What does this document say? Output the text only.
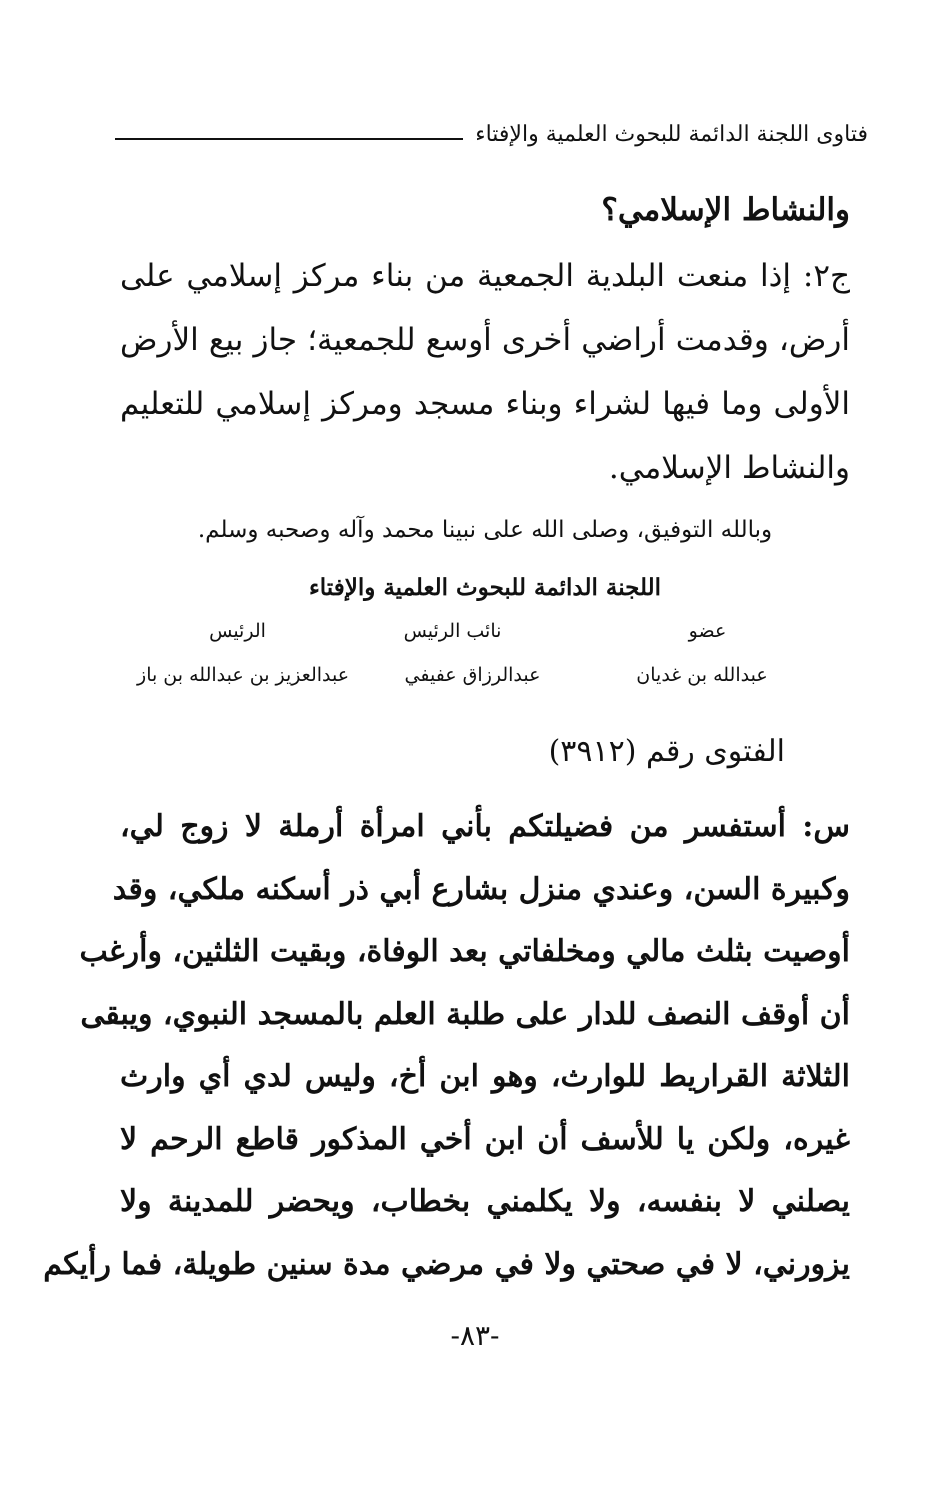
فتاوى اللجنة الدائمة للبحوث العلمية والإفتاء
والنشاط الإسلامي؟
ج٢: إذا منعت البلدية الجمعية من بناء مركز إسلامي على
أرض، وقدمت أراضي أخرى أوسع للجمعية؛ جاز بيع الأرض
الأولى وما فيها لشراء وبناء مسجد ومركز إسلامي للتعليم
والنشاط الإسلامي.
وبالله التوفيق، وصلى الله على نبينا محمد وآله وصحبه وسلم.
اللجنة الدائمة للبحوث العلمية والإفتاء
عضو
نائب الرئيس
الرئيس
عبدالله بن غديان
عبدالرزاق عفيفي
عبدالعزيز بن عبدالله بن باز
الفتوى رقم (٣٩١٢)
س: أستفسر من فضيلتكم بأني امرأة أرملة لا زوج لي،
وكبيرة السن، وعندي منزل بشارع أبي ذر أسكنه ملكي، وقد
أوصيت بثلث مالي ومخلفاتي بعد الوفاة، وبقيت الثلثين، وأرغب
أن أوقف النصف للدار على طلبة العلم بالمسجد النبوي، ويبقى
الثلاثة القراريط للوارث، وهو ابن أخ، وليس لدي أي وارث
غيره، ولكن يا للأسف أن ابن أخي المذكور قاطع الرحم لا
يصلني لا بنفسه، ولا يكلمني بخطاب، ويحضر للمدينة ولا
يزورني، لا في صحتي ولا في مرضي مدة سنين طويلة، فما رأيكم
-٨٣-
